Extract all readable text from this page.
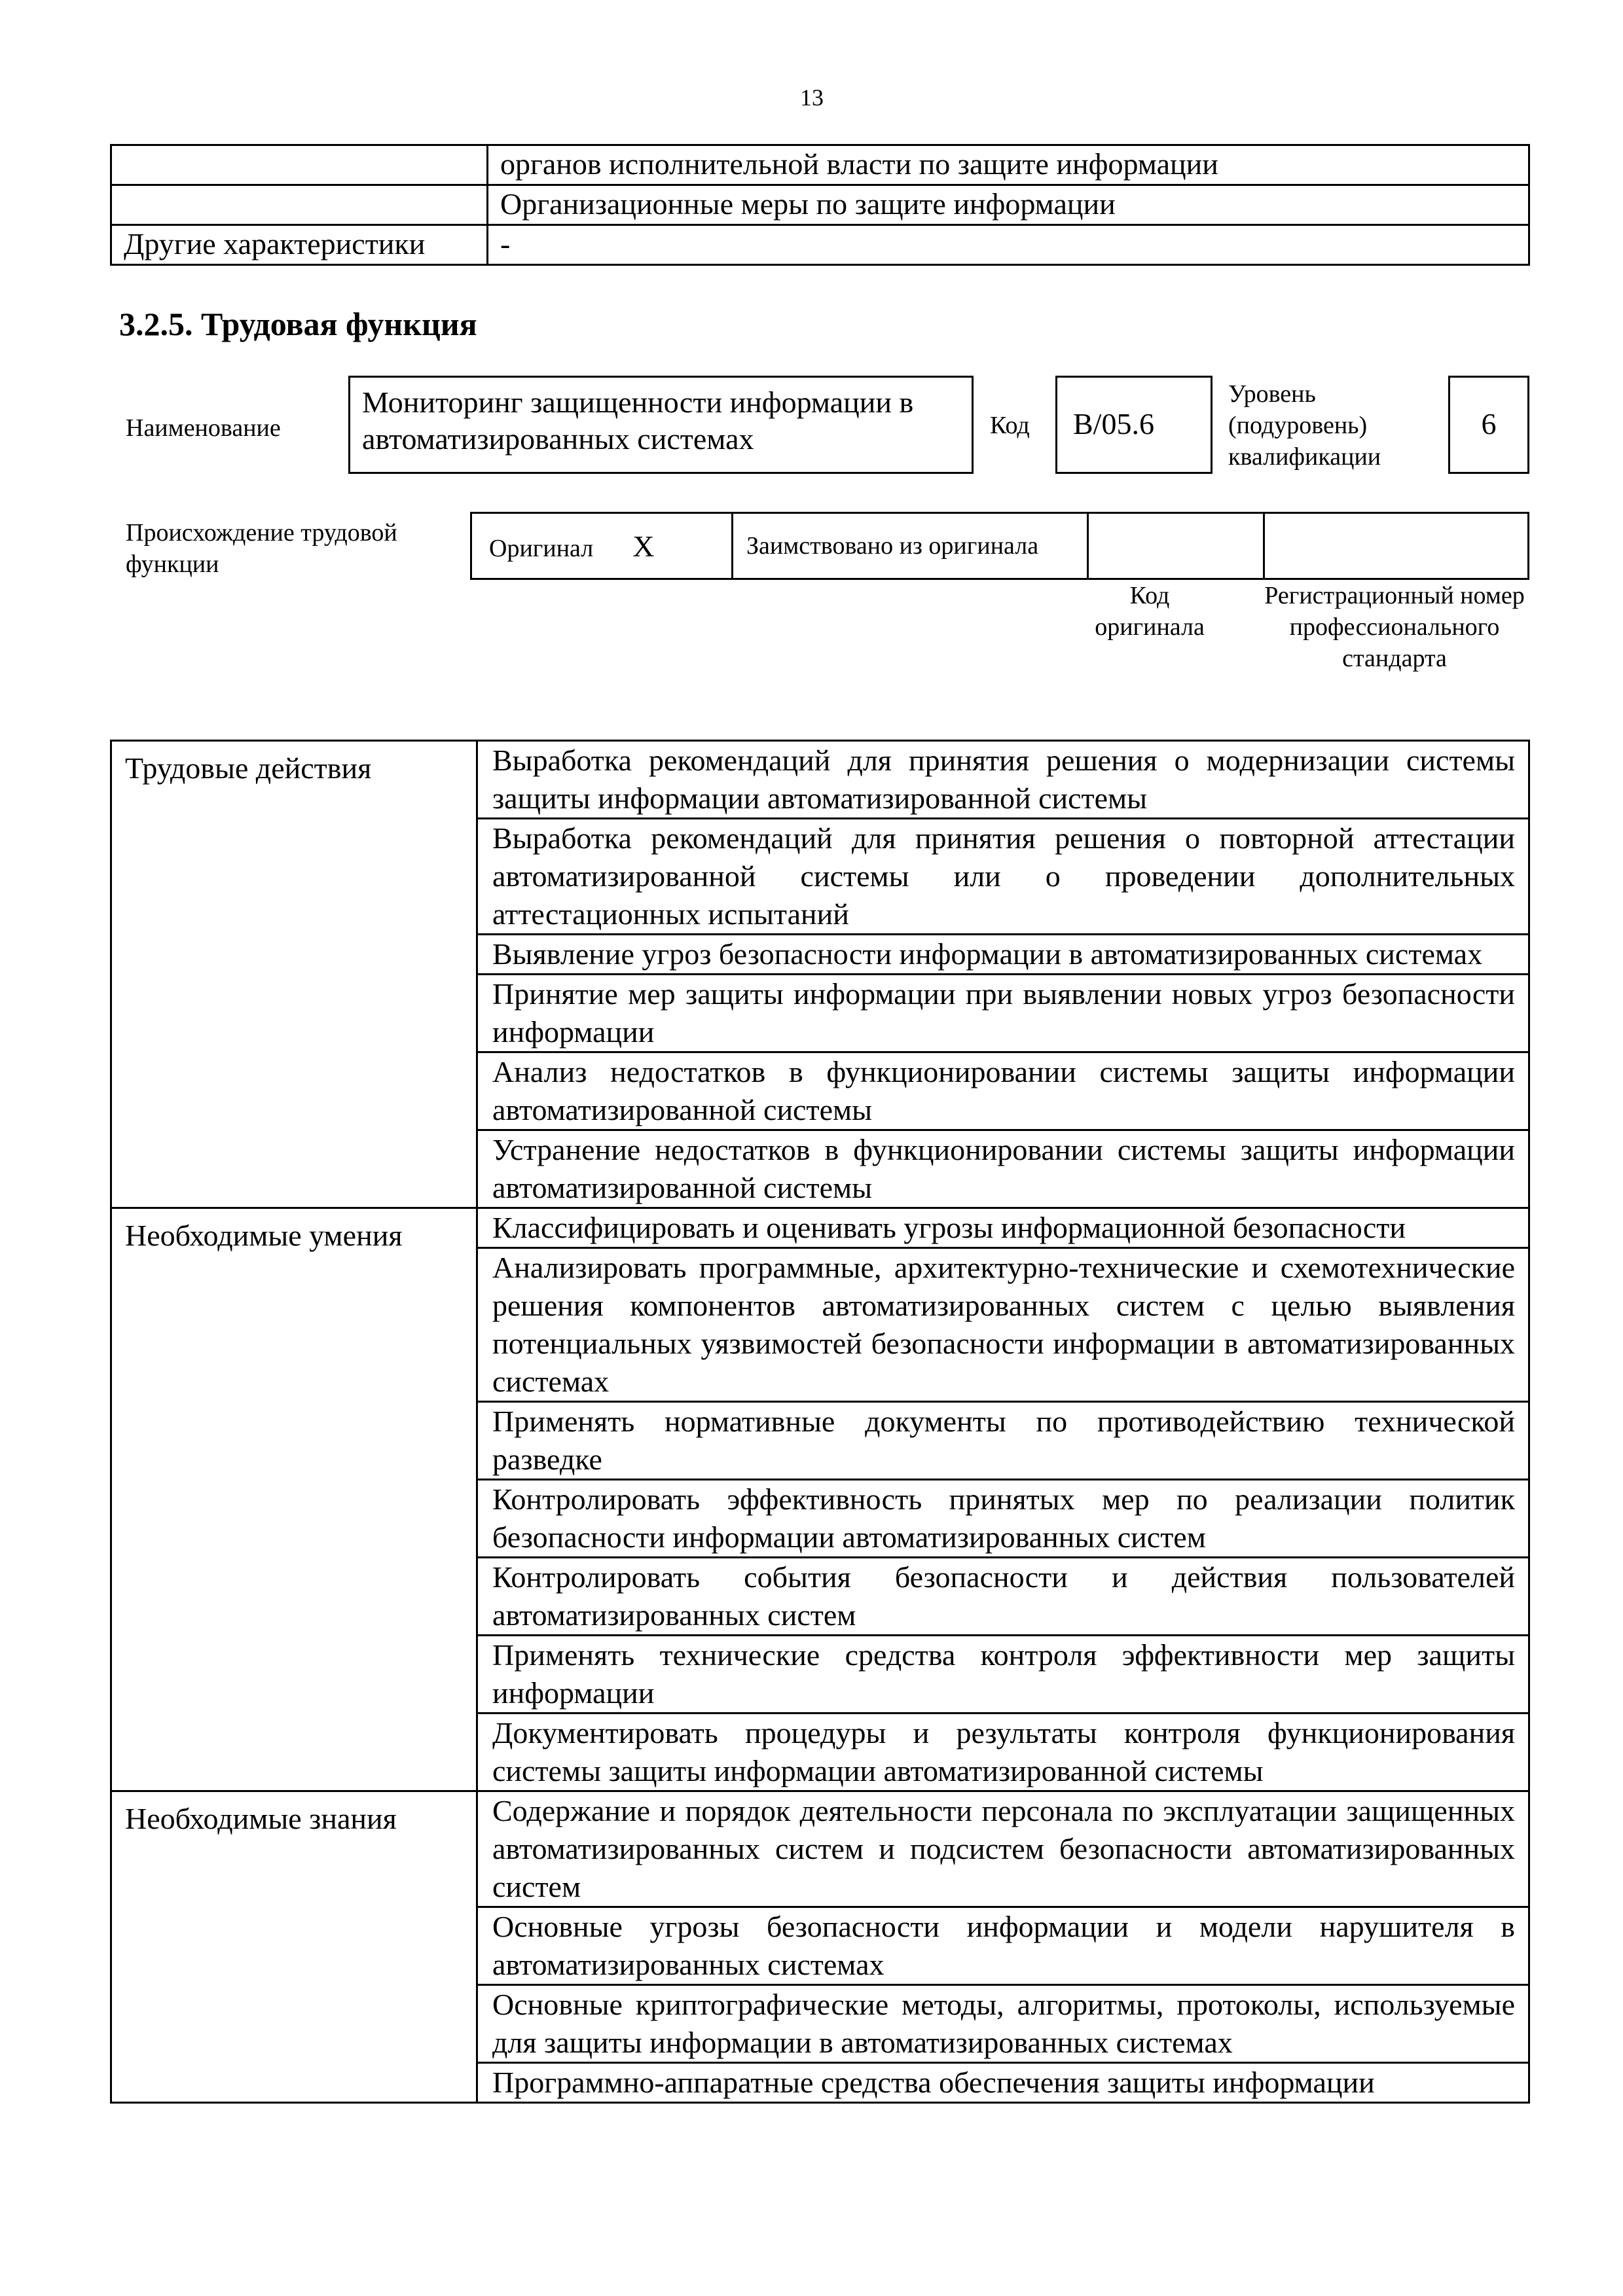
13
	органов исполнительной власти по защите информации
	Организационные меры по защите информации
Другие характеристики	-
3.2.5. Трудовая функция
Наименование
Мониторинг защищенности информации в автоматизированных системах	Код	B/05.6
Уровень (подуровень) квалификации
6
Происхождение трудовой функции
Оригинал X	Заимствовано из оригинала		
Код оригинала
Регистрационный номер профессионального стандарта
Трудовые действия	Выработка рекомендаций для принятия решения о модернизации системы защиты информации автоматизированной системы
	Выработка рекомендаций для принятия решения о повторной аттестации автоматизированной системы или о проведении дополнительных аттестационных испытаний
	Выявление угроз безопасности информации в автоматизированных системах
	Принятие мер защиты информации при выявлении новых угроз безопасности информации
	Анализ недостатков в функционировании системы защиты информации автоматизированной системы
	Устранение недостатков в функционировании системы защиты информации автоматизированной системы
Необходимые умения	Классифицировать и оценивать угрозы информационной безопасности
	Анализировать программные, архитектурно-технические и схемотехнические решения компонентов автоматизированных систем с целью выявления потенциальных уязвимостей безопасности информации в автоматизированных системах
	Применять нормативные документы по противодействию технической разведке
	Контролировать эффективность принятых мер по реализации политик безопасности информации автоматизированных систем
	Контролировать события безопасности и действия пользователей автоматизированных систем
	Применять технические средства контроля эффективности мер защиты информации
	Документировать процедуры и результаты контроля функционирования системы защиты информации автоматизированной системы
Необходимые знания	Содержание и порядок деятельности персонала по эксплуатации защищенных автоматизированных систем и подсистем безопасности автоматизированных систем
	Основные угрозы безопасности информации и модели нарушителя в автоматизированных системах
	Основные криптографические методы, алгоритмы, протоколы, используемые для защиты информации в автоматизированных системах
	Программно-аппаратные средства обеспечения защиты информации
